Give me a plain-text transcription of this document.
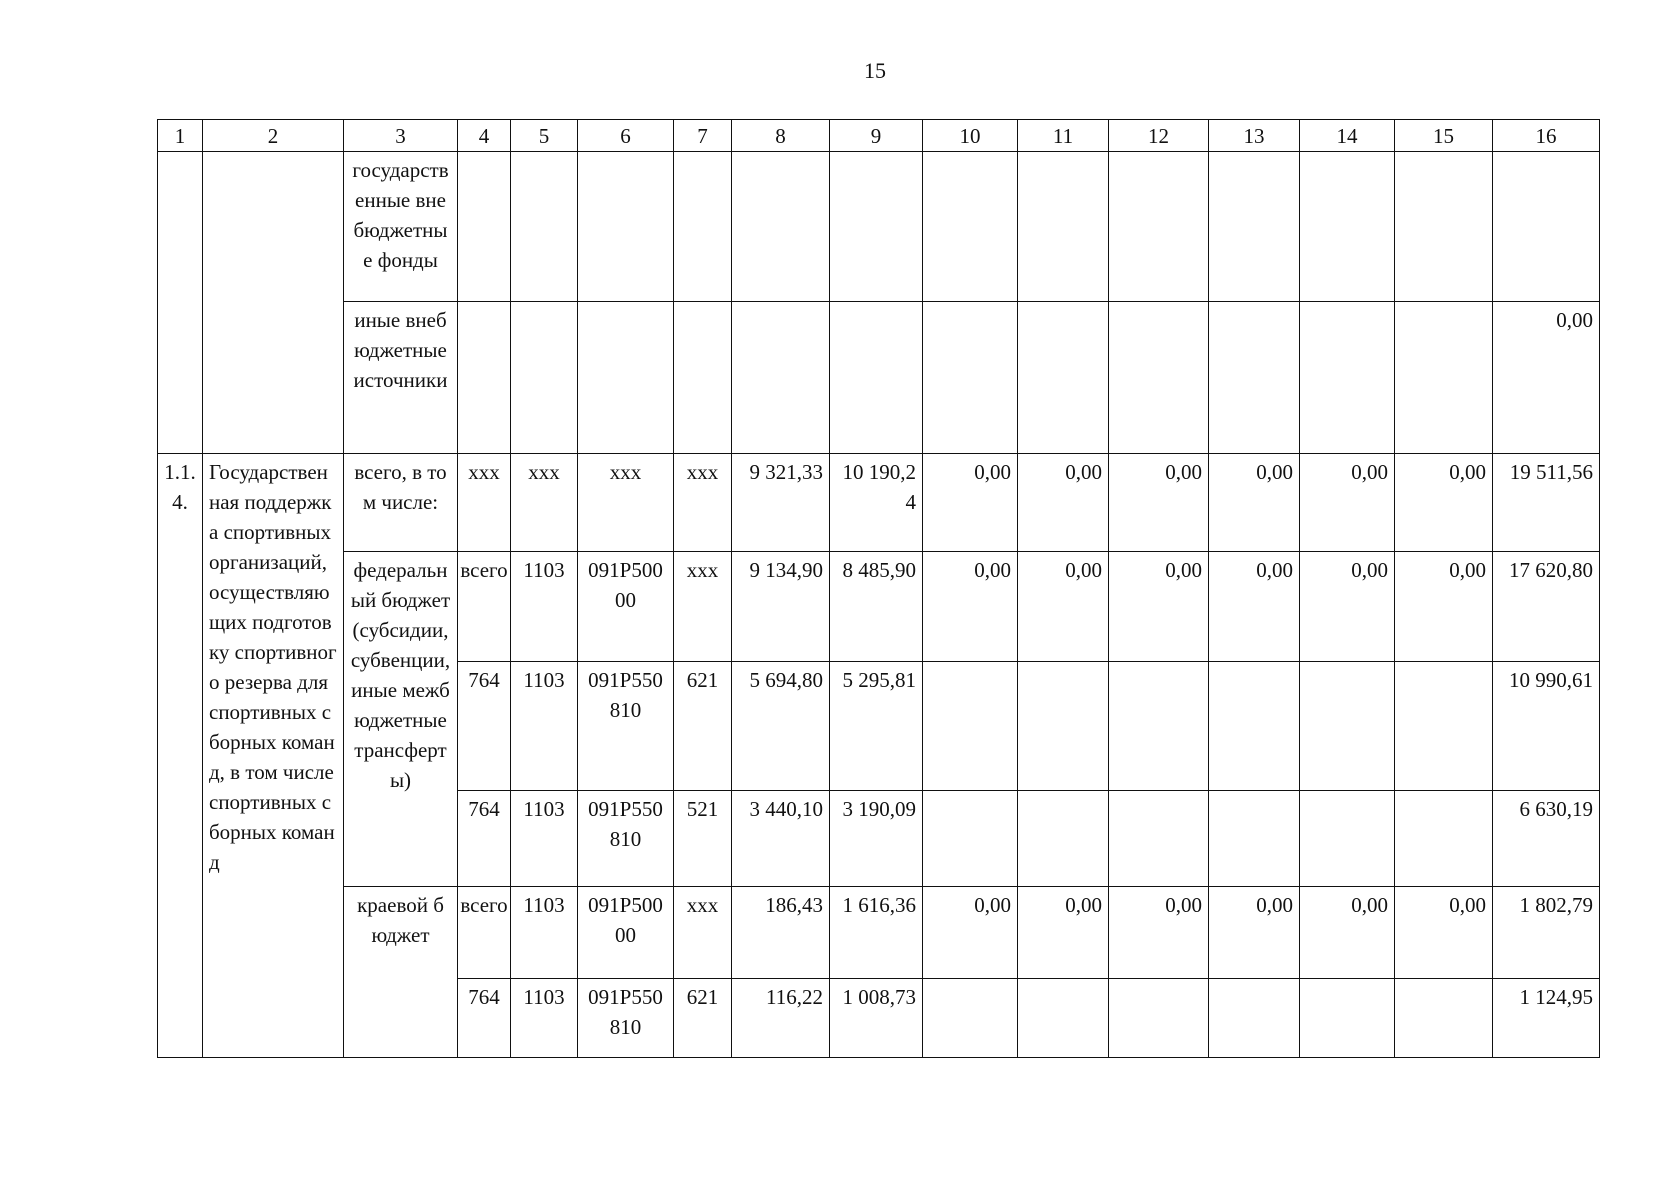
15
1	2	3	4	5	6	7	8	9	10	11	12	13	14	15	16
		государственные внебюджетные фонды													
		иные внебюджетные источники													0,00
1.1.4.	Государственная поддержка спортивных организаций, осуществляющих подготовку спортивного резерва для спортивных сборных команд, в том числе спортивных сборных команд	всего, в том числе:	ххх	ххх	ххх	ххх	9 321,33	10 190,24	0,00	0,00	0,00	0,00	0,00	0,00	19 511,56
		федеральный бюджет (субсидии, субвенции, иные межбюджетные трансферты)	всего	1103	091Р50000	ххх	9 134,90	8 485,90	0,00	0,00	0,00	0,00	0,00	0,00	17 620,80
			764	1103	091Р550810	621	5 694,80	5 295,81							10 990,61
			764	1103	091Р550810	521	3 440,10	3 190,09							6 630,19
		краевой бюджет	всего	1103	091Р50000	ххх	186,43	1 616,36	0,00	0,00	0,00	0,00	0,00	0,00	1 802,79
			764	1103	091Р550810	621	116,22	1 008,73							1 124,95
